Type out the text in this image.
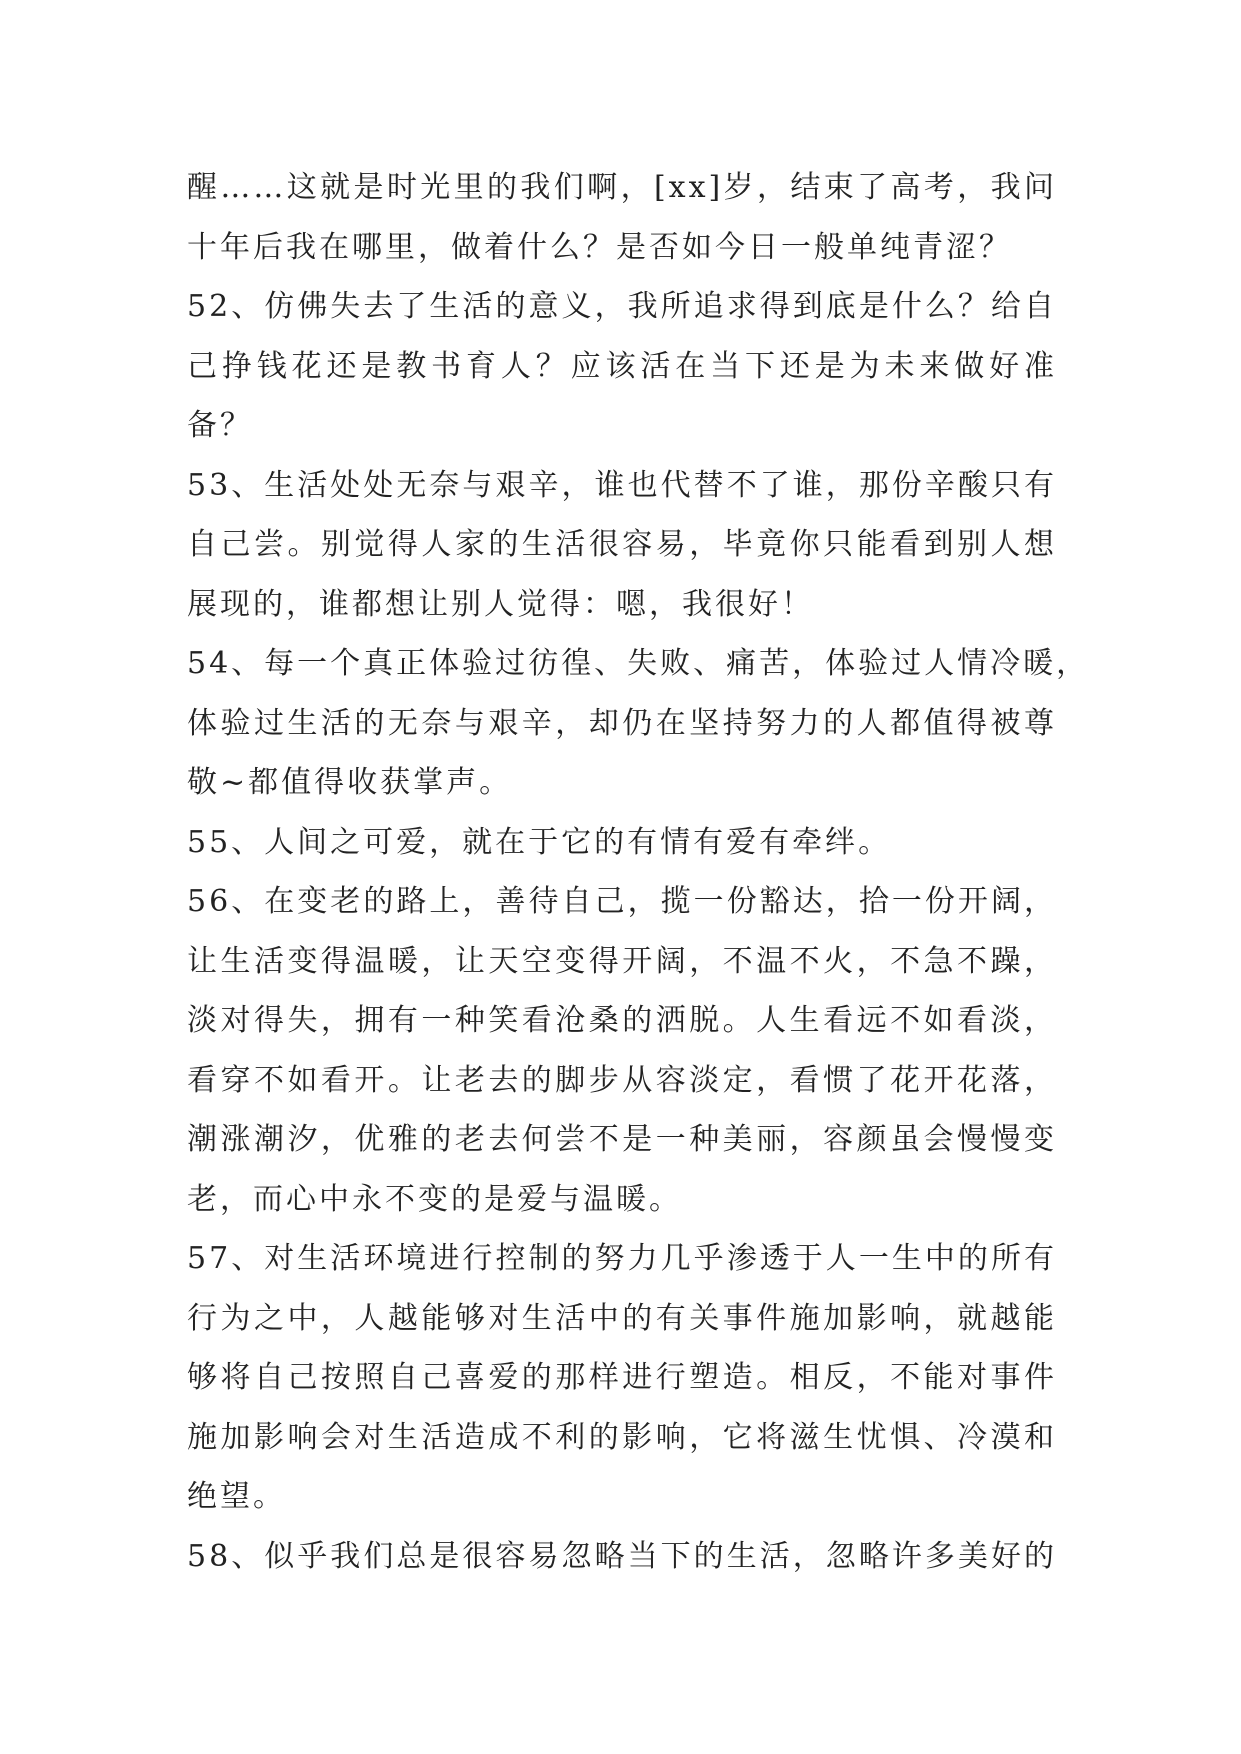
醒……这就是时光里的我们啊，[xx]岁，结束了高考，我问
十年后我在哪里，做着什么？是否如今日一般单纯青涩？
52、仿佛失去了生活的意义，我所追求得到底是什么？给自
己挣钱花还是教书育人？应该活在当下还是为未来做好准
备？
53、生活处处无奈与艰辛，谁也代替不了谁，那份辛酸只有
自己尝。别觉得人家的生活很容易，毕竟你只能看到别人想
展现的，谁都想让别人觉得：嗯，我很好！
54、每一个真正体验过彷徨、失败、痛苦，体验过人情冷暖，
体验过生活的无奈与艰辛，却仍在坚持努力的人都值得被尊
敬~都值得收获掌声。
55、人间之可爱，就在于它的有情有爱有牵绊。
56、在变老的路上，善待自己，揽一份豁达，拾一份开阔，
让生活变得温暖，让天空变得开阔，不温不火，不急不躁，
淡对得失，拥有一种笑看沧桑的洒脱。人生看远不如看淡，
看穿不如看开。让老去的脚步从容淡定，看惯了花开花落，
潮涨潮汐，优雅的老去何尝不是一种美丽，容颜虽会慢慢变
老，而心中永不变的是爱与温暖。
57、对生活环境进行控制的努力几乎渗透于人一生中的所有
行为之中，人越能够对生活中的有关事件施加影响，就越能
够将自己按照自己喜爱的那样进行塑造。相反，不能对事件
施加影响会对生活造成不利的影响，它将滋生忧惧、冷漠和
绝望。
58、似乎我们总是很容易忽略当下的生活，忽略许多美好的
